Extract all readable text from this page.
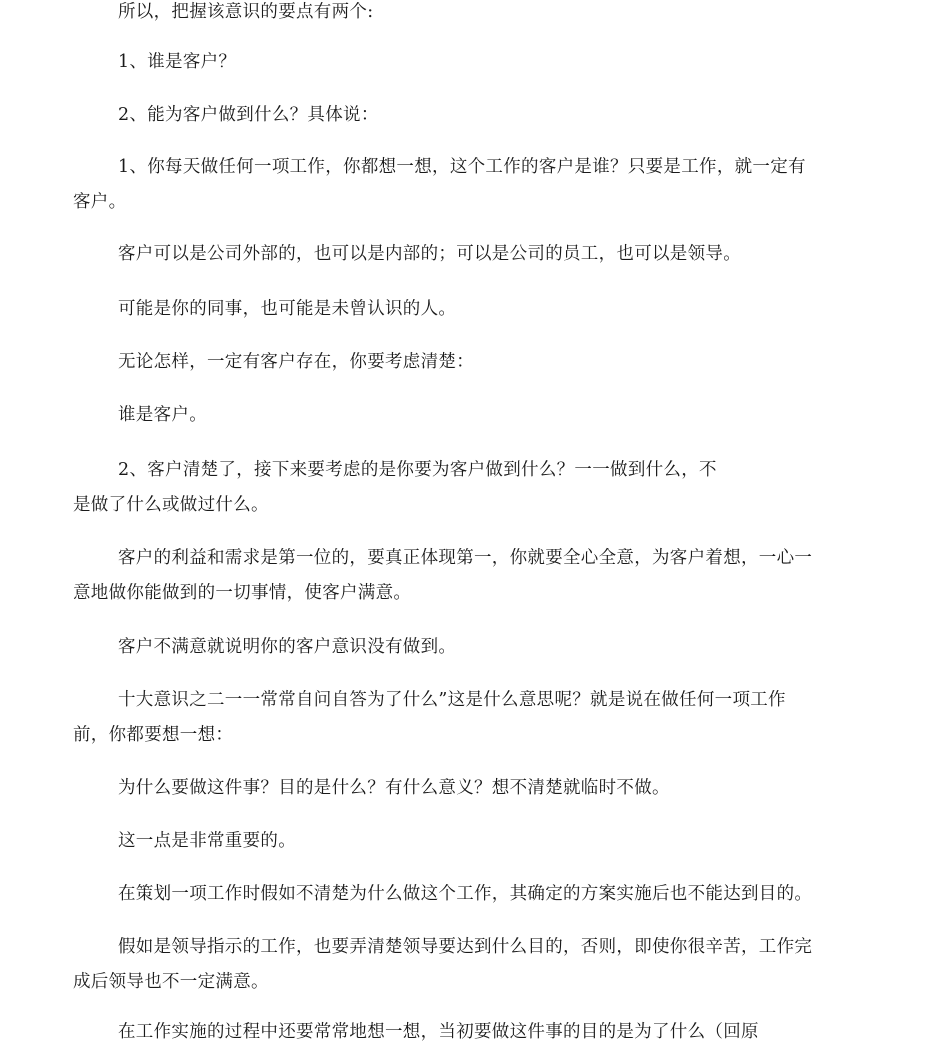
所以，把握该意识的要点有两个:

1、谁是客户？

2、能为客户做到什么？具体说：

1、你每天做任何一项工作，你都想一想，这个工作的客户是谁？只要是工作，就一定有
客户。

客户可以是公司外部的，也可以是内部的；可以是公司的员工，也可以是领导。

可能是你的同事，也可能是未曾认识的人。

无论怎样，一定有客户存在，你要考虑清楚：

谁是客户。

2、客户清楚了，接下来要考虑的是你要为客户做到什么？一一做到什么，不
是做了什么或做过什么。

客户的利益和需求是第一位的，要真正体现第一，你就要全心全意，为客户着想，一心一
意地做你能做到的一切事情，使客户满意。

客户不满意就说明你的客户意识没有做到。

十大意识之二一一常常自问自答为了什么”这是什么意思呢？就是说在做任何一项工作
前，你都要想一想：

为什么要做这件事？目的是什么？有什么意义？想不清楚就临时不做。

这一点是非常重要的。

在策划一项工作时假如不清楚为什么做这个工作，其确定的方案实施后也不能达到目的。

假如是领导指示的工作，也要弄清楚领导要达到什么目的，否则，即使你很辛苦，工作完
成后领导也不一定满意。

在工作实施的过程中还要常常地想一想，当初要做这件事的目的是为了什么（回原
